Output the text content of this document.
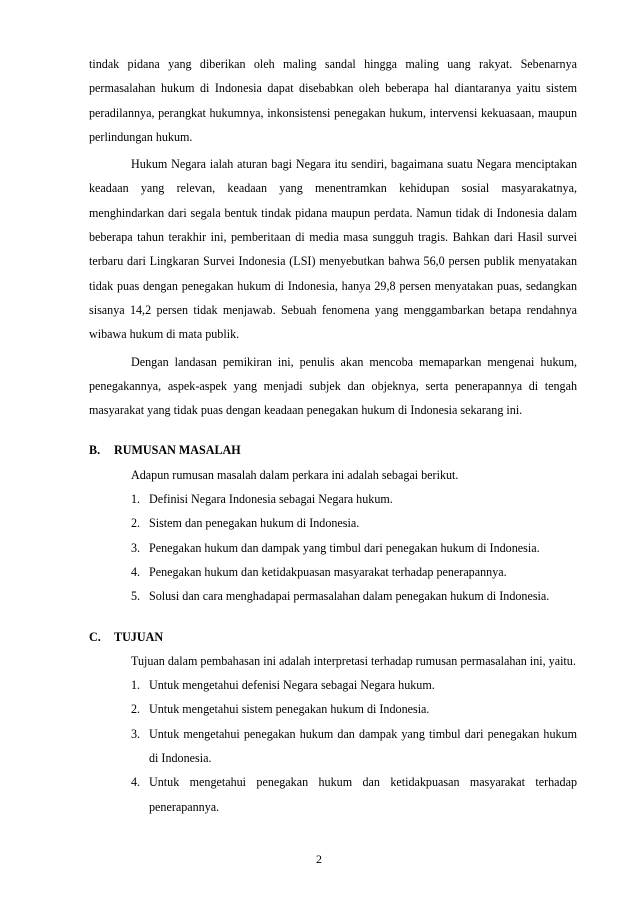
tindak pidana yang diberikan oleh maling sandal hingga maling uang rakyat. Sebenarnya permasalahan hukum di Indonesia dapat disebabkan oleh beberapa hal diantaranya yaitu sistem peradilannya, perangkat hukumnya, inkonsistensi penegakan hukum, intervensi kekuasaan, maupun perlindungan hukum.

Hukum Negara ialah aturan bagi Negara itu sendiri, bagaimana suatu Negara menciptakan keadaan yang relevan, keadaan yang menentramkan kehidupan sosial masyarakatnya, menghindarkan dari segala bentuk tindak pidana maupun perdata. Namun tidak di Indonesia dalam beberapa tahun terakhir ini, pemberitaan di media masa sungguh tragis. Bahkan dari Hasil survei terbaru dari Lingkaran Survei Indonesia (LSI) menyebutkan bahwa 56,0 persen publik menyatakan tidak puas dengan penegakan hukum di Indonesia, hanya 29,8 persen menyatakan puas, sedangkan sisanya 14,2 persen tidak menjawab. Sebuah fenomena yang menggambarkan betapa rendahnya wibawa hukum di mata publik.

Dengan landasan pemikiran ini, penulis akan mencoba memaparkan mengenai hukum, penegakannya, aspek-aspek yang menjadi subjek dan objeknya, serta penerapannya di tengah masyarakat yang tidak puas dengan keadaan penegakan hukum di Indonesia sekarang ini.

B. RUMUSAN MASALAH

Adapun rumusan masalah dalam perkara ini adalah sebagai berikut.

1. Definisi Negara Indonesia sebagai Negara hukum.
2. Sistem dan penegakan hukum di Indonesia.
3. Penegakan hukum dan dampak yang timbul dari penegakan hukum di Indonesia.
4. Penegakan hukum dan ketidakpuasan masyarakat terhadap penerapannya.
5. Solusi dan cara menghadapai permasalahan dalam penegakan hukum di Indonesia.
C. TUJUAN

Tujuan dalam pembahasan ini adalah interpretasi terhadap rumusan permasalahan ini, yaitu.

1. Untuk mengetahui defenisi Negara sebagai Negara hukum.
2. Untuk mengetahui sistem penegakan hukum di Indonesia.
3. Untuk mengetahui penegakan hukum dan dampak yang timbul dari penegakan hukum di Indonesia.
4. Untuk mengetahui penegakan hukum dan ketidakpuasan masyarakat terhadap penerapannya.
2
